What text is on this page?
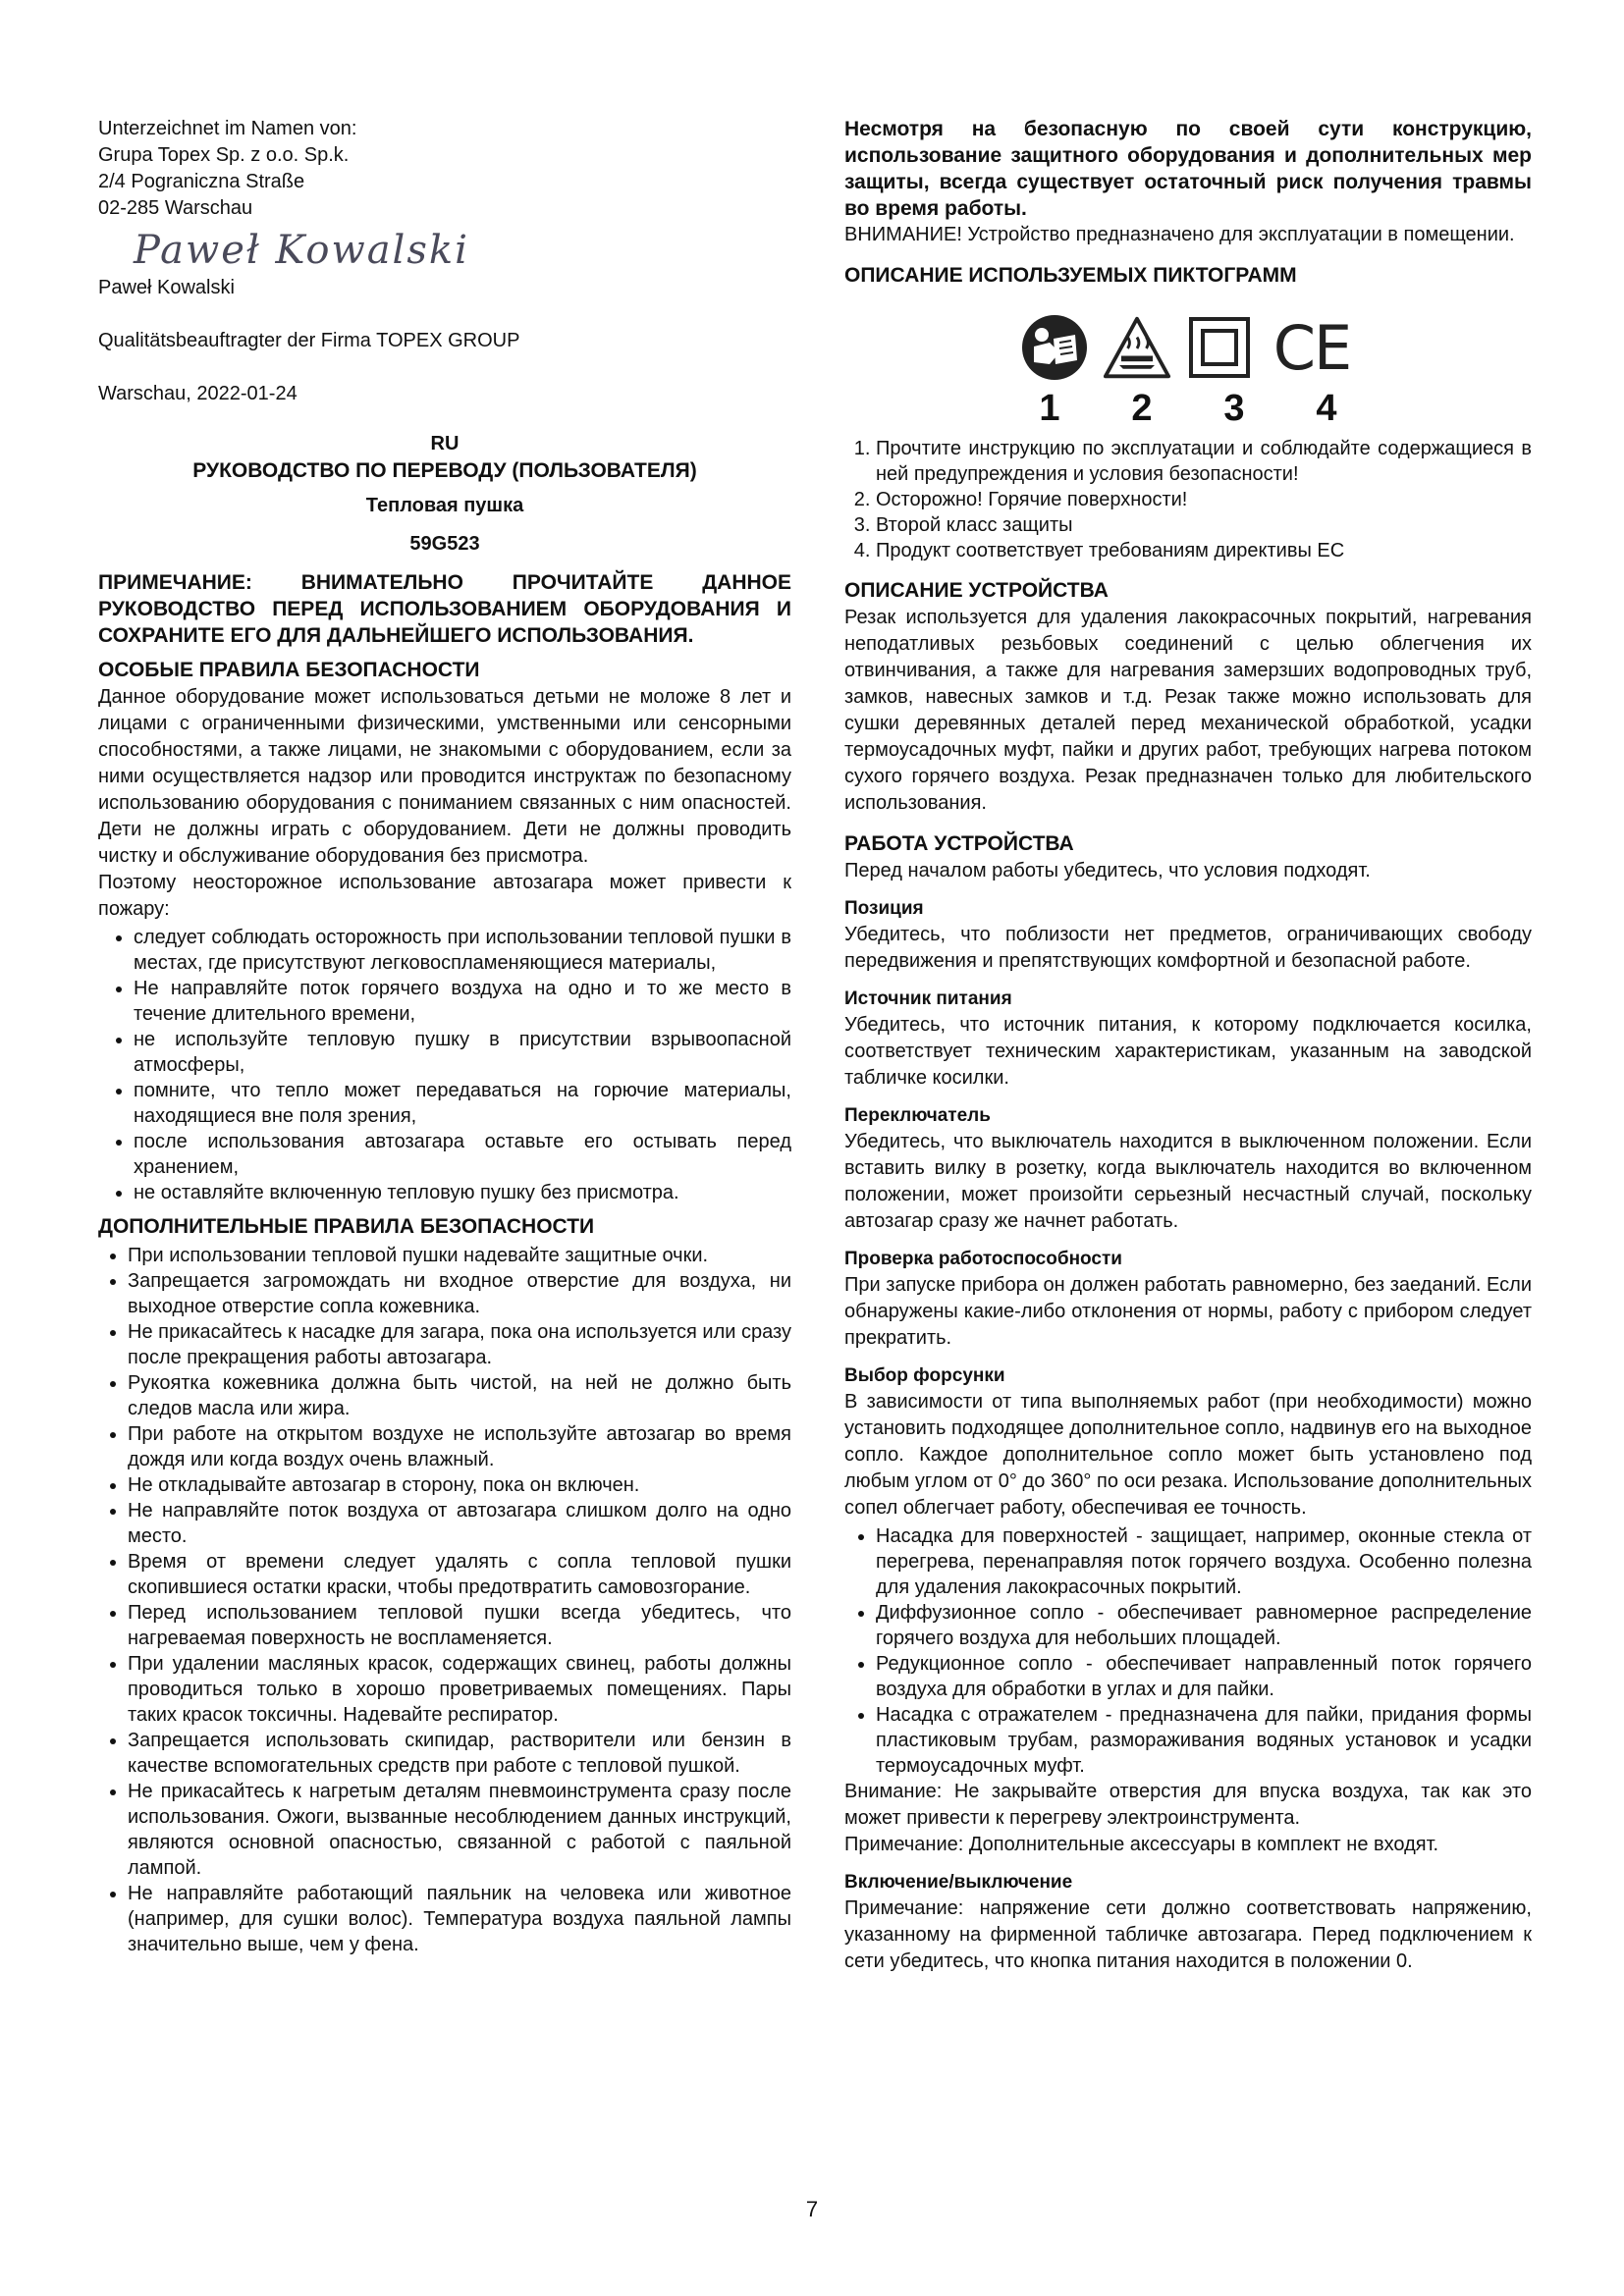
Unterzeichnet im Namen von:

Grupa Topex Sp. z o.o. Sp.k.

2/4 Pograniczna Straße

02-285 Warschau

Paweł Kowalski

Paweł Kowalski

Qualitätsbeauftragter der Firma TOPEX GROUP

Warschau, 2022-01-24

RU

РУКОВОДСТВО ПО ПЕРЕВОДУ (ПОЛЬЗОВАТЕЛЯ)

Тепловая пушка

59G523

ПРИМЕЧАНИЕ: ВНИМАТЕЛЬНО ПРОЧИТАЙТЕ ДАННОЕ РУКОВОДСТВО ПЕРЕД ИСПОЛЬЗОВАНИЕМ ОБОРУДОВАНИЯ И СОХРАНИТЕ ЕГО ДЛЯ ДАЛЬНЕЙШЕГО ИСПОЛЬЗОВАНИЯ.

ОСОБЫЕ ПРАВИЛА БЕЗОПАСНОСТИ

Данное оборудование может использоваться детьми не моложе 8 лет и лицами с ограниченными физическими, умственными или сенсорными способностями, а также лицами, не знакомыми с оборудованием, если за ними осуществляется надзор или проводится инструктаж по безопасному использованию оборудования с пониманием связанных с ним опасностей. Дети не должны играть с оборудованием. Дети не должны проводить чистку и обслуживание оборудования без присмотра.

Поэтому неосторожное использование автозагара может привести к пожару:

• следует соблюдать осторожность при использовании тепловой пушки в местах, где присутствуют легковоспламеняющиеся материалы,
• Не направляйте поток горячего воздуха на одно и то же место в течение длительного времени,
• не используйте тепловую пушку в присутствии взрывоопасной атмосферы,
• помните, что тепло может передаваться на горючие материалы, находящиеся вне поля зрения,
• после использования автозагара оставьте его остывать перед хранением,
• не оставляйте включенную тепловую пушку без присмотра.
ДОПОЛНИТЕЛЬНЫЕ ПРАВИЛА БЕЗОПАСНОСТИ
• При использовании тепловой пушки надевайте защитные очки.
• Запрещается загромождать ни входное отверстие для воздуха, ни выходное отверстие сопла кожевника.
• Не прикасайтесь к насадке для загара, пока она используется или сразу после прекращения работы автозагара.
• Рукоятка кожевника должна быть чистой, на ней не должно быть следов масла или жира.
• При работе на открытом воздухе не используйте автозагар во время дождя или когда воздух очень влажный.
• Не откладывайте автозагар в сторону, пока он включен.
• Не направляйте поток воздуха от автозагара слишком долго на одно место.
• Время от времени следует удалять с сопла тепловой пушки скопившиеся остатки краски, чтобы предотвратить самовозгорание.
• Перед использованием тепловой пушки всегда убедитесь, что нагреваемая поверхность не воспламеняется.
• При удалении масляных красок, содержащих свинец, работы должны проводиться только в хорошо проветриваемых помещениях. Пары таких красок токсичны. Надевайте респиратор.
• Запрещается использовать скипидар, растворители или бензин в качестве вспомогательных средств при работе с тепловой пушкой.
• Не прикасайтесь к нагретым деталям пневмоинструмента сразу после использования. Ожоги, вызванные несоблюдением данных инструкций, являются основной опасностью, связанной с работой с паяльной лампой.
• Не направляйте работающий паяльник на человека или животное (например, для сушки волос). Температура воздуха паяльной лампы значительно выше, чем у фена.

Несмотря на безопасную по своей сути конструкцию, использование защитного оборудования и дополнительных мер защиты, всегда существует остаточный риск получения травмы во время работы.

ВНИМАНИЕ! Устройство предназначено для эксплуатации в помещении.

ОПИСАНИЕ ИСПОЛЬЗУЕМЫХ ПИКТОГРАММ
CE
1 2 3 4
1. Прочтите инструкцию по эксплуатации и соблюдайте содержащиеся в ней предупреждения и условия безопасности!
2. Осторожно! Горячие поверхности!
3. Второй класс защиты
4. Продукт соответствует требованиям директивы ЕС
ОПИСАНИЕ УСТРОЙСТВА

Резак используется для удаления лакокрасочных покрытий, нагревания неподатливых резьбовых соединений с целью облегчения их отвинчивания, а также для нагревания замерзших водопроводных труб, замков, навесных замков и т.д. Резак также можно использовать для сушки деревянных деталей перед механической обработкой, усадки термоусадочных муфт, пайки и других работ, требующих нагрева потоком сухого горячего воздуха. Резак предназначен только для любительского использования.

РАБОТА УСТРОЙСТВА

Перед началом работы убедитесь, что условия подходят.

Позиция

Убедитесь, что поблизости нет предметов, ограничивающих свободу передвижения и препятствующих комфортной и безопасной работе.

Источник питания

Убедитесь, что источник питания, к которому подключается косилка, соответствует техническим характеристикам, указанным на заводской табличке косилки.

Переключатель

Убедитесь, что выключатель находится в выключенном положении. Если вставить вилку в розетку, когда выключатель находится во включенном положении, может произойти серьезный несчастный случай, поскольку автозагар сразу же начнет работать.

Проверка работоспособности

При запуске прибора он должен работать равномерно, без заеданий. Если обнаружены какие-либо отклонения от нормы, работу с прибором следует прекратить.

Выбор форсунки

В зависимости от типа выполняемых работ (при необходимости) можно установить подходящее дополнительное сопло, надвинув его на выходное сопло. Каждое дополнительное сопло может быть установлено под любым углом от 0° до 360° по оси резака. Использование дополнительных сопел облегчает работу, обеспечивая ее точность.

• Насадка для поверхностей - защищает, например, оконные стекла от перегрева, перенаправляя поток горячего воздуха. Особенно полезна для удаления лакокрасочных покрытий.
• Диффузионное сопло - обеспечивает равномерное распределение горячего воздуха для небольших площадей.
• Редукционное сопло - обеспечивает направленный поток горячего воздуха для обработки в углах и для пайки.
• Насадка с отражателем - предназначена для пайки, придания формы пластиковым трубам, размораживания водяных установок и усадки термоусадочных муфт.

Внимание: Не закрывайте отверстия для впуска воздуха, так как это может привести к перегреву электроинструмента.

Примечание: Дополнительные аксессуары в комплект не входят.

Включение/выключение

Примечание: напряжение сети должно соответствовать напряжению, указанному на фирменной табличке автозагара. Перед подключением к сети убедитесь, что кнопка питания находится в положении 0.

7
